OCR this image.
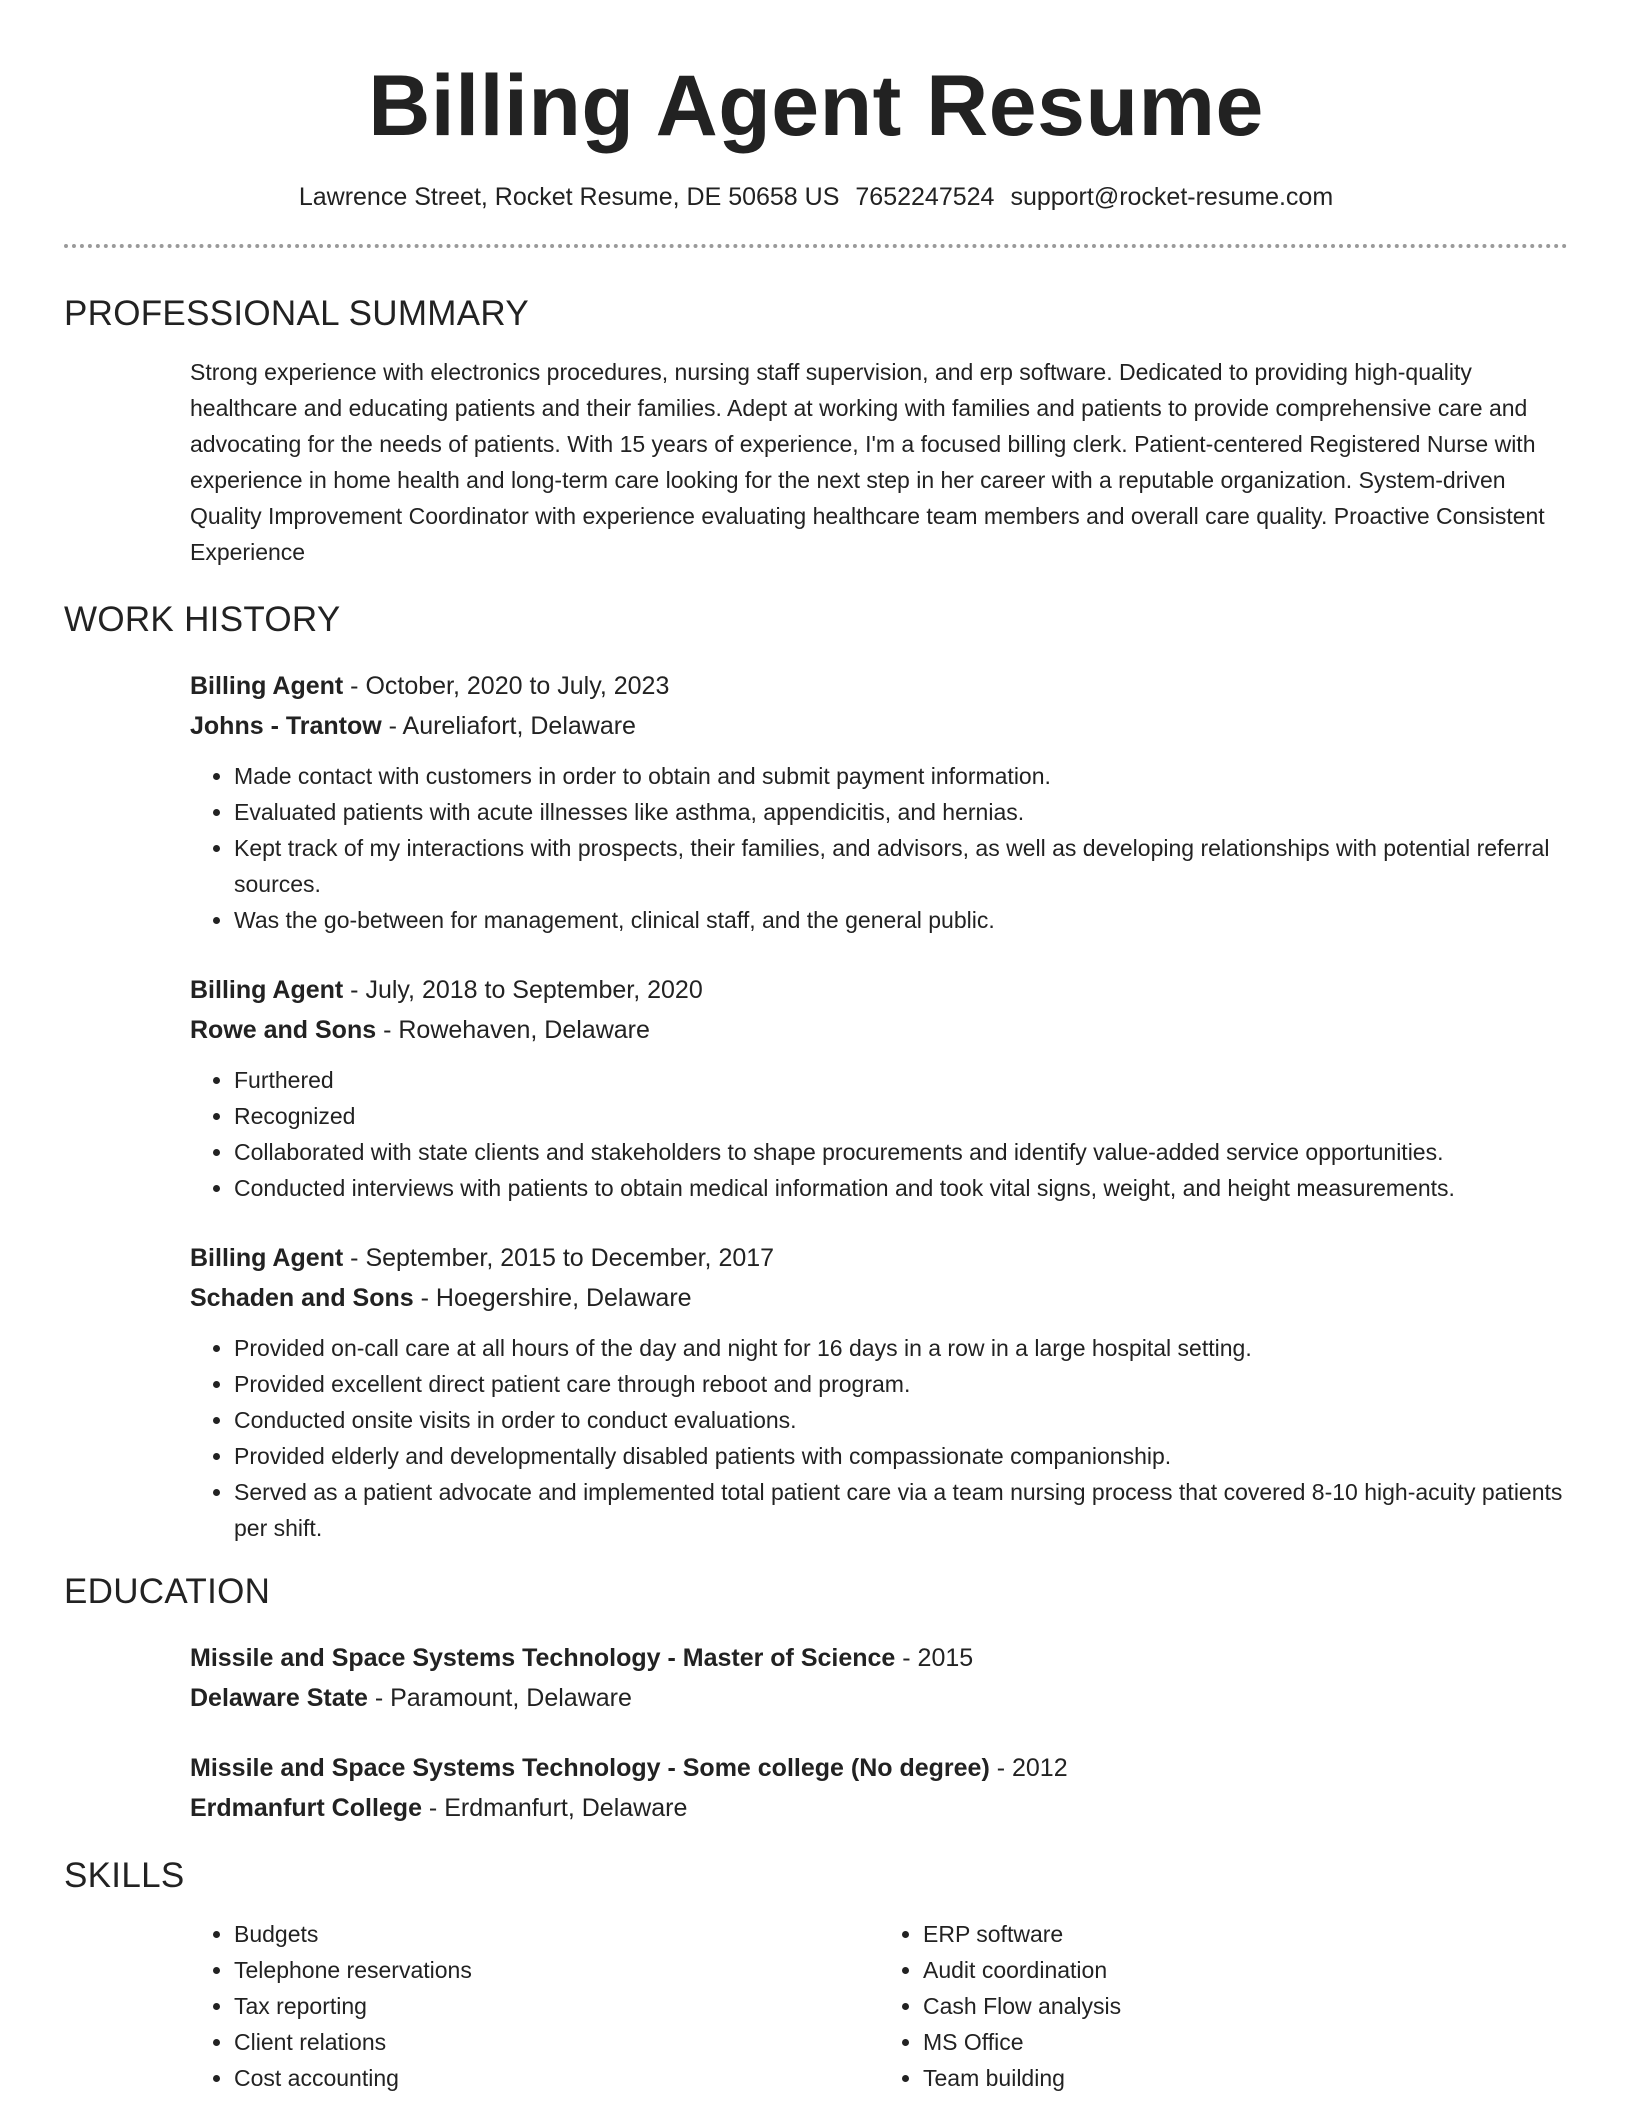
Billing Agent Resume
Lawrence Street, Rocket Resume, DE 50658 US 7652247524 support@rocket-resume.com
PROFESSIONAL SUMMARY

Strong experience with electronics procedures, nursing staff supervision, and erp software. Dedicated to providing high-quality healthcare and educating patients and their families. Adept at working with families and patients to provide comprehensive care and advocating for the needs of patients. With 15 years of experience, I'm a focused billing clerk. Patient-centered Registered Nurse with experience in home health and long-term care looking for the next step in her career with a reputable organization. System-driven Quality Improvement Coordinator with experience evaluating healthcare team members and overall care quality. Proactive Consistent Experience

WORK HISTORY
Billing Agent - October, 2020 to July, 2023
Johns - Trantow - Aureliafort, Delaware
• Made contact with customers in order to obtain and submit payment information.
• Evaluated patients with acute illnesses like asthma, appendicitis, and hernias.
• Kept track of my interactions with prospects, their families, and advisors, as well as developing relationships with potential referral sources.
• Was the go-between for management, clinical staff, and the general public.
Billing Agent - July, 2018 to September, 2020
Rowe and Sons - Rowehaven, Delaware
• Furthered
• Recognized
• Collaborated with state clients and stakeholders to shape procurements and identify value-added service opportunities.
• Conducted interviews with patients to obtain medical information and took vital signs, weight, and height measurements.
Billing Agent - September, 2015 to December, 2017
Schaden and Sons - Hoegershire, Delaware
• Provided on-call care at all hours of the day and night for 16 days in a row in a large hospital setting.
• Provided excellent direct patient care through reboot and program.
• Conducted onsite visits in order to conduct evaluations.
• Provided elderly and developmentally disabled patients with compassionate companionship.
• Served as a patient advocate and implemented total patient care via a team nursing process that covered 8-10 high-acuity patients per shift.
EDUCATION
Missile and Space Systems Technology - Master of Science - 2015
Delaware State - Paramount, Delaware
Missile and Space Systems Technology - Some college (No degree) - 2012
Erdmanfurt College - Erdmanfurt, Delaware
SKILLS
• Budgets
• Telephone reservations
• Tax reporting
• Client relations
• Cost accounting
• ERP software
• Audit coordination
• Cash Flow analysis
• MS Office
• Team building
